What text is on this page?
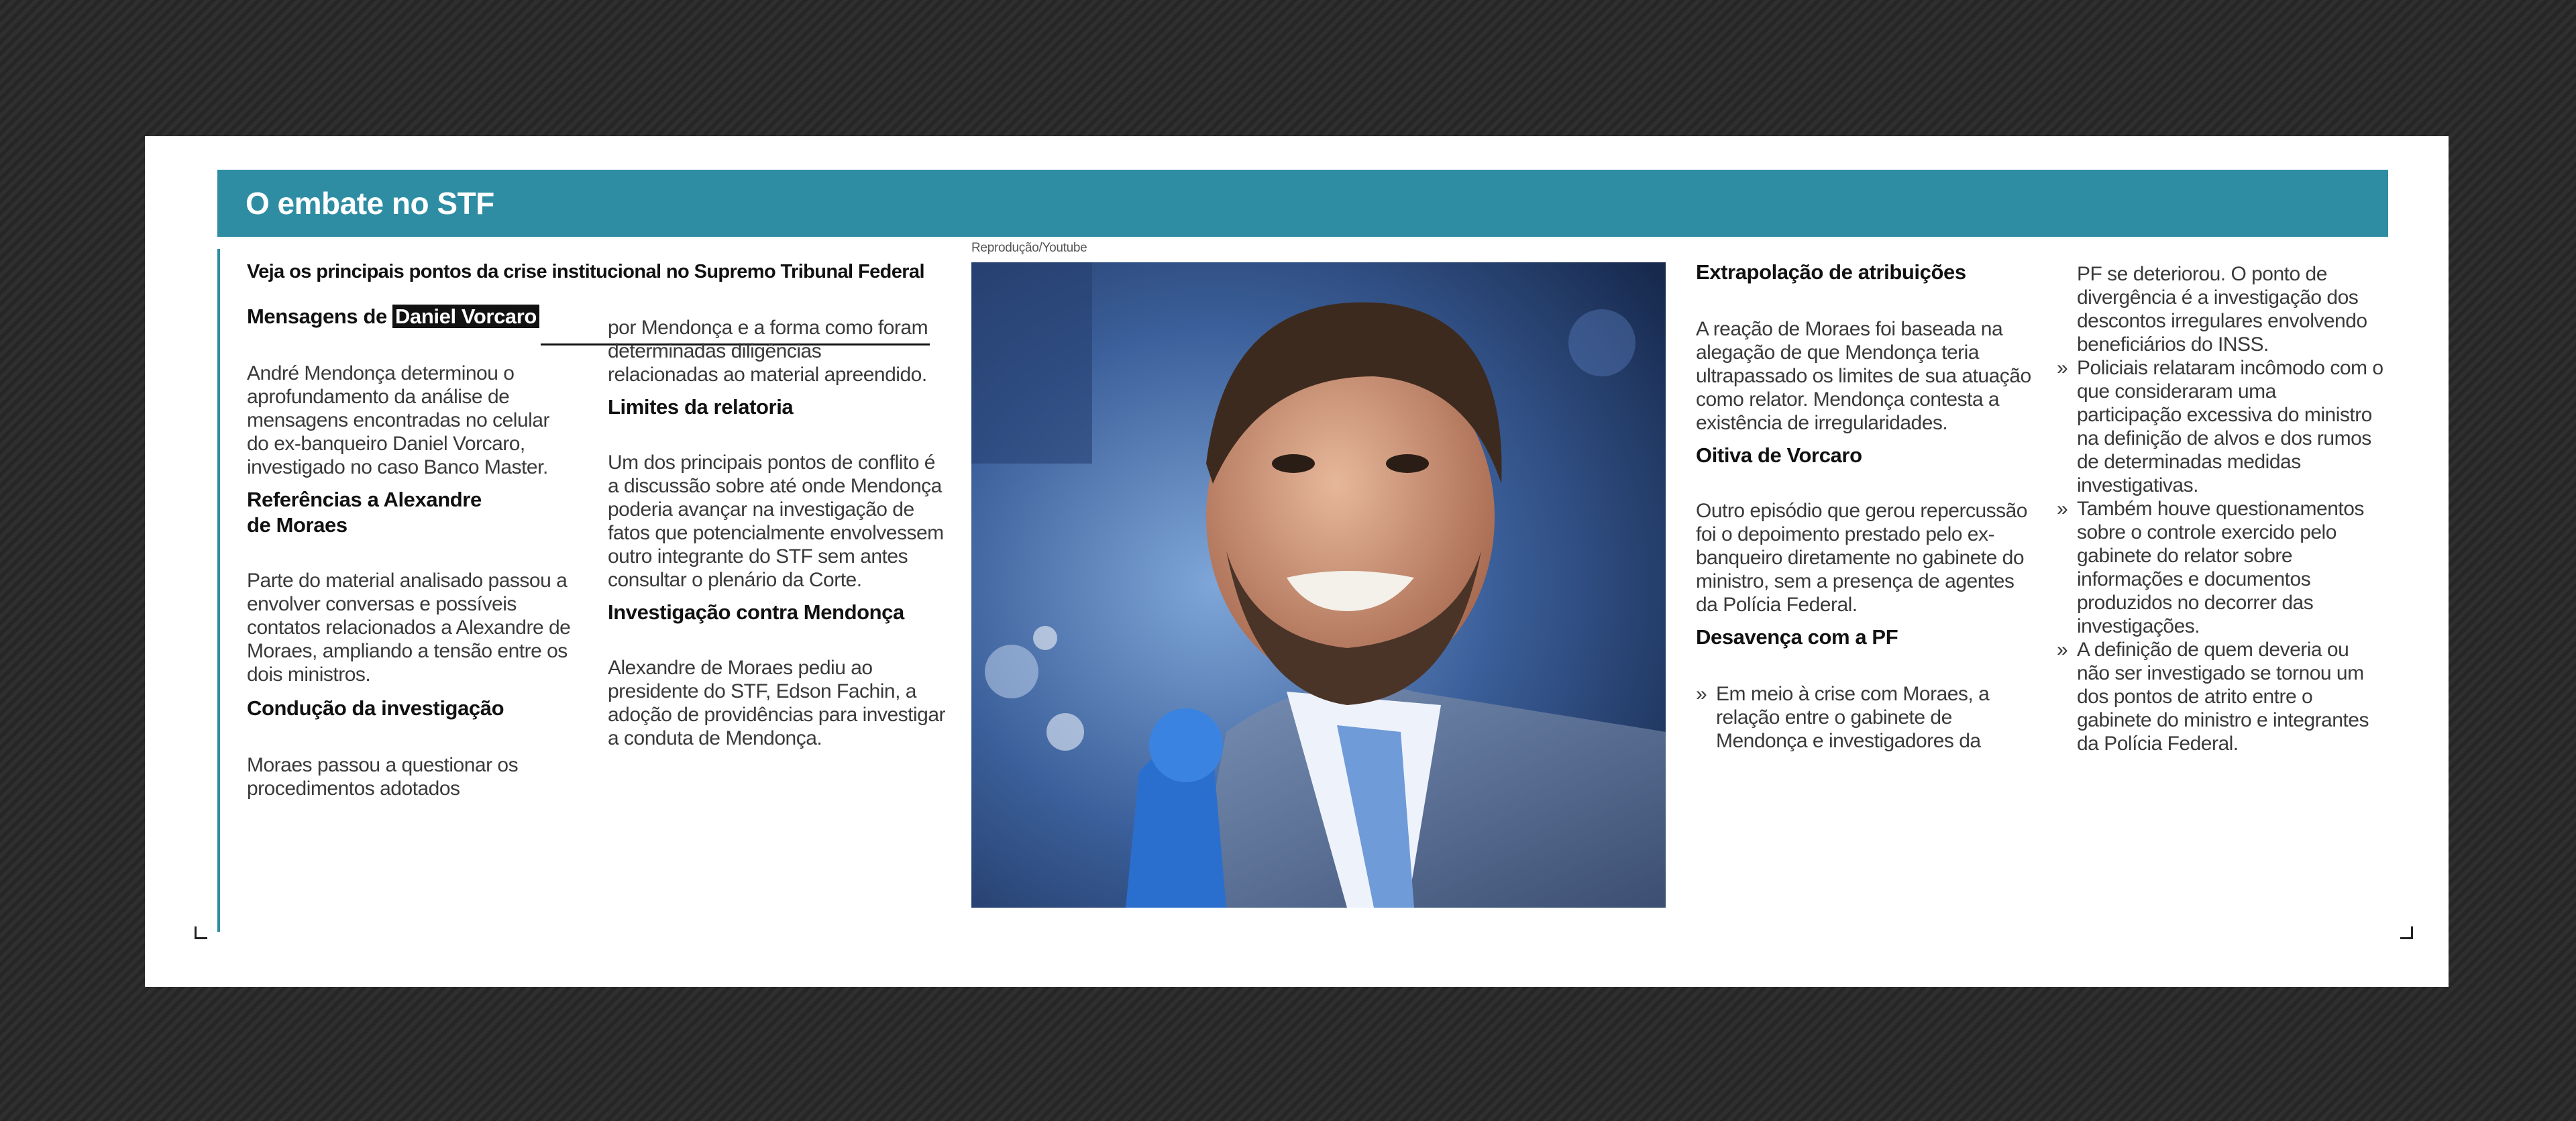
O embate no STF
Veja os principais pontos da crise institucional no Supremo Tribunal Federal

Mensagens de Daniel Vorcaro

André Mendonça determinou o aprofundamento da análise de mensagens encontradas no celular do ex-banqueiro Daniel Vorcaro, investigado no caso Banco Master.

Referências a Alexandre de Moraes

Parte do material analisado passou a envolver conversas e possíveis contatos relacionados a Alexandre de Moraes, ampliando a tensão entre os dois ministros.

Condução da investigação

Moraes passou a questionar os procedimentos adotados

por Mendonça e a forma como foram determinadas diligências relacionadas ao material apreendido.

Limites da relatoria

Um dos principais pontos de conflito é a discussão sobre até onde Mendonça poderia avançar na investigação de fatos que potencialmente envolvessem outro integrante do STF sem antes consultar o plenário da Corte.

Investigação contra Mendonça

Alexandre de Moraes pediu ao presidente do STF, Edson Fachin, a adoção de providências para investigar a conduta de Mendonça.

Reprodução/Youtube

Extrapolação de atribuições

A reação de Moraes foi baseada na alegação de que Mendonça teria ultrapassado os limites de sua atuação como relator. Mendonça contesta a existência de irregularidades.

Oitiva de Vorcaro

Outro episódio que gerou repercussão foi o depoimento prestado pelo ex-banqueiro diretamente no gabinete do ministro, sem a presença de agentes da Polícia Federal.

Desavença com a PF

» Em meio à crise com Moraes, a relação entre o gabinete de Mendonça e investigadores da

PF se deteriorou. O ponto de divergência é a investigação dos descontos irregulares envolvendo beneficiários do INSS.

» Policiais relataram incômodo com o que consideraram uma participação excessiva do ministro na definição de alvos e dos rumos de determinadas medidas investigativas.
» Também houve questionamentos sobre o controle exercido pelo gabinete do relator sobre informações e documentos produzidos no decorrer das investigações.
» A definição de quem deveria ou não ser investigado se tornou um dos pontos de atrito entre o gabinete do ministro e integrantes da Polícia Federal.
